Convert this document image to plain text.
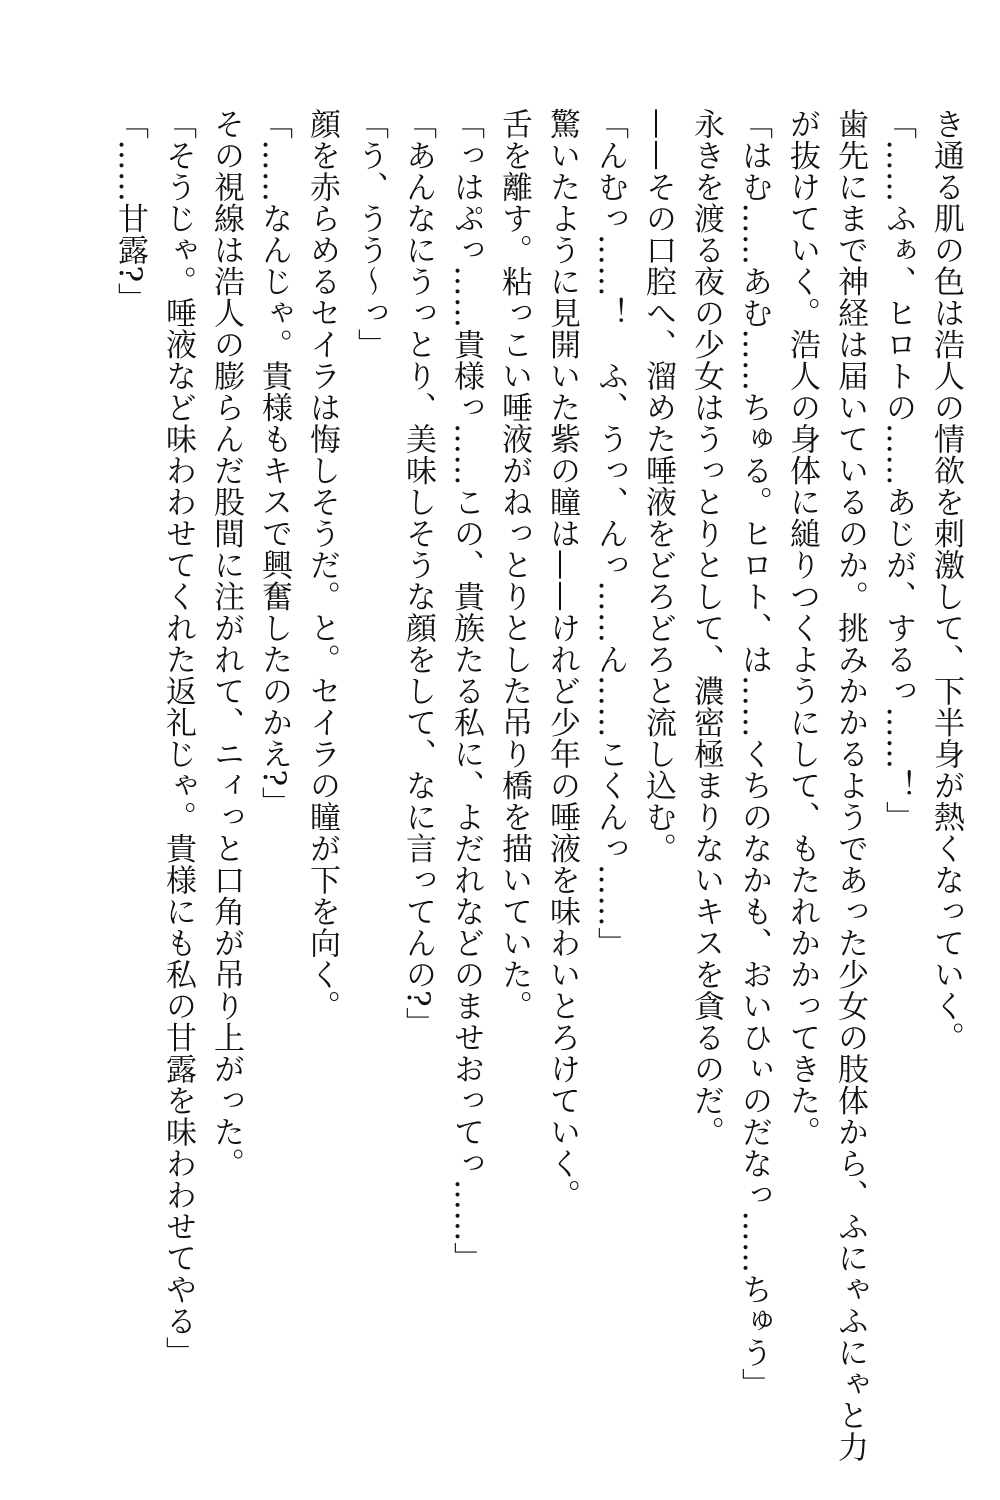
き通る肌の色は浩人の情欲を刺激して、下半身が熱くなっていく。

「……ふぁ、ヒロトの……あじが、するっ……！」

歯先にまで神経は届いているのか。挑みかかるようであった少女の肢体から、ふにゃふにゃと力

が抜けていく。浩人の身体に縋りつくようにして、もたれかかってきた。

「はむ……あむ……ちゅる。ヒロト、は……くちのなかも、おいひぃのだなっ……ちゅう」

永きを渡る夜の少女はうっとりとして、濃密極まりないキスを貪るのだ。

——その口腔へ、溜めた唾液をどろどろと流し込む。

「んむっ……！　ふ、うっ、んっ……ん……こくんっ……」

驚いたように見開いた紫の瞳は——けれど少年の唾液を味わいとろけていく。

舌を離す。粘っこい唾液がねっとりとした吊り橋を描いていた。

「っはぷっ……貴様っ……この、貴族たる私に、よだれなどのませおってっ……」

「あんなにうっとり、美味しそうな顔をして、なに言ってんの?」

「う、うう〜っ」

顔を赤らめるセイラは悔しそうだ。と。セイラの瞳が下を向く。

「……なんじゃ。貴様もキスで興奮したのかえ?」

その視線は浩人の膨らんだ股間に注がれて、ニィっと口角が吊り上がった。

「そうじゃ。唾液など味わわせてくれた返礼じゃ。貴様にも私の甘露を味わわせてやる」

「……甘露?」
